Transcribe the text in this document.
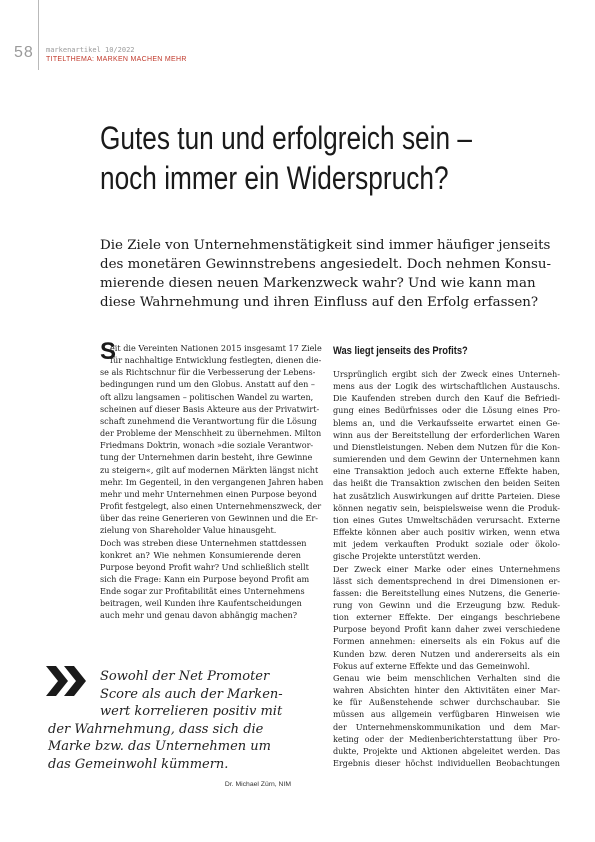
58 markenartikel 10/2022
TITELTHEMA: MARKEN MACHEN MEHR
Gutes tun und erfolgreich sein –
noch immer ein Widerspruch?
Die Ziele von Unternehmenstätigkeit sind immer häufiger jenseits
des monetären Gewinnstrebens angesiedelt. Doch nehmen Konsu-
mierende diesen neuen Markenzweck wahr? Und wie kann man
diese Wahrnehmung und ihren Einfluss auf den Erfolg erfassen?
S
eit die Vereinten Nationen 2015 insgesamt 17 Ziele
für nachhaltige Entwicklung festlegten, dienen die-
se als Richtschnur für die Verbesserung der Lebens-
bedingungen rund um den Globus. Anstatt auf den –
oft allzu langsamen – politischen Wandel zu warten,
scheinen auf dieser Basis Akteure aus der Privatwirt-
schaft zunehmend die Verantwortung für die Lösung
der Probleme der Menschheit zu übernehmen. Milton
Friedmans Doktrin, wonach »die soziale Verantwor-
tung der Unternehmen darin besteht, ihre Gewinne
zu steigern«, gilt auf modernen Märkten längst nicht
mehr. Im Gegenteil, in den vergangenen Jahren haben
mehr und mehr Unternehmen einen Purpose beyond
Profit festgelegt, also einen Unternehmenszweck, der
über das reine Generieren von Gewinnen und die Er-
zielung von Shareholder Value hinausgeht.
Doch was streben diese Unternehmen stattdessen
konkret an? Wie nehmen Konsumierende deren
Purpose beyond Profit wahr? Und schließlich stellt
sich die Frage: Kann ein Purpose beyond Profit am
Ende sogar zur Profitabilität eines Unternehmens
beitragen, weil Kunden ihre Kaufentscheidungen
auch mehr und genau davon abhängig machen?
Sowohl der Net Promoter
Score als auch der Marken-
wert korrelieren positiv mit
der Wahrnehmung, dass sich die
Marke bzw. das Unternehmen um
das Gemeinwohl kümmern.
Dr. Michael Zürn, NIM
Was liegt jenseits des Profits?
Ursprünglich ergibt sich der Zweck eines Unterneh-
mens aus der Logik des wirtschaftlichen Austauschs.
Die Kaufenden streben durch den Kauf die Befriedi-
gung eines Bedürfnisses oder die Lösung eines Pro-
blems an, und die Verkaufsseite erwartet einen Ge-
winn aus der Bereitstellung der erforderlichen Waren
und Dienstleistungen. Neben dem Nutzen für die Kon-
sumierenden und dem Gewinn der Unternehmen kann
eine Transaktion jedoch auch externe Effekte haben,
das heißt die Transaktion zwischen den beiden Seiten
hat zusätzlich Auswirkungen auf dritte Parteien. Diese
können negativ sein, beispielsweise wenn die Produk-
tion eines Gutes Umweltschäden verursacht. Externe
Effekte können aber auch positiv wirken, wenn etwa
mit jedem verkauften Produkt soziale oder ökolo-
gische Projekte unterstützt werden.
Der Zweck einer Marke oder eines Unternehmens
lässt sich dementsprechend in drei Dimensionen er-
fassen: die Bereitstellung eines Nutzens, die Generie-
rung von Gewinn und die Erzeugung bzw. Reduk-
tion externer Effekte. Der eingangs beschriebene
Purpose beyond Profit kann daher zwei verschiedene
Formen annehmen: einerseits als ein Fokus auf die
Kunden bzw. deren Nutzen und andererseits als ein
Fokus auf externe Effekte und das Gemeinwohl.
Genau wie beim menschlichen Verhalten sind die
wahren Absichten hinter den Aktivitäten einer Mar-
ke für Außenstehende schwer durchschaubar. Sie
müssen aus allgemein verfügbaren Hinweisen wie
der Unternehmenskommunikation und dem Mar-
keting oder der Medienberichterstattung über Pro-
dukte, Projekte und Aktionen abgeleitet werden. Das
Ergebnis dieser höchst individuellen Beobachtungen
